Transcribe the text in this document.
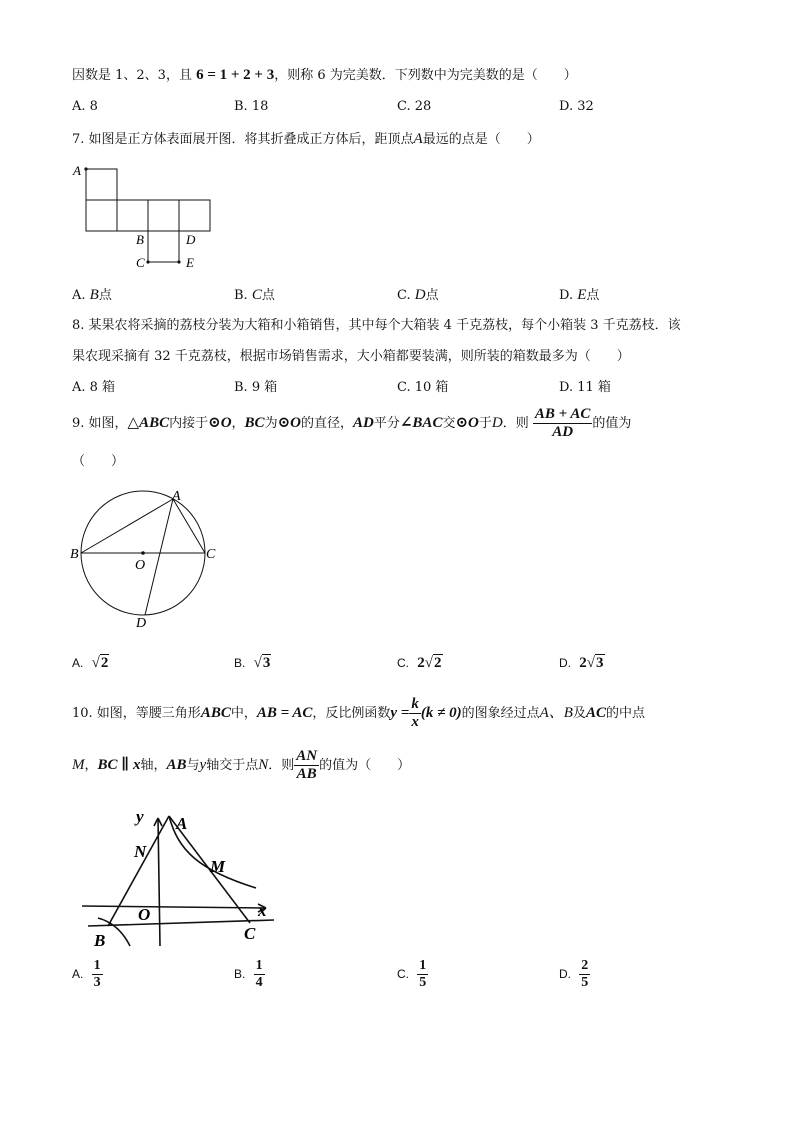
因数是 1、2、3，且 6 = 1 + 2 + 3，则称 6 为完美数．下列数中为完美数的是（　　）
A. 8	B. 18	C. 28	D. 32
7. 如图是正方体表面展开图．将其折叠成正方体后，距顶点A最远的点是（　　）
A
B	D
C	E
A. B点	B. C点	C. D点	D. E点
8. 某果农将采摘的荔枝分装为大箱和小箱销售，其中每个大箱装 4 千克荔枝，每个小箱装 3 千克荔枝．该
果农现采摘有 32 千克荔枝，根据市场销售需求，大小箱都要装满，则所装的箱数最多为（　　）
A. 8 箱	B. 9 箱	C. 10 箱	D. 11 箱
9. 如图，△ABC内接于⊙O，BC为⊙O的直径，AD平分∠BAC交⊙O于D．则 $\frac{AB + AC}{AD}$ 的值为
（　　）
A
B	C
O
D
A. √2	B. √3	C. 2√2	D. 2√3
10. 如图，等腰三角形ABC中，AB = AC，反比例函数$y = \frac{k}{x} (k \ne 0)$的图象经过点A、B及AC的中点
M，BC ∥ x轴，AB与y轴交于点N．则 $\frac{AN}{AB}$ 的值为（　　）
y A
N
M
O	x
B	C
A. $\frac{1}{3}$	B. $\frac{1}{4}$	C. $\frac{1}{5}$	D. $\frac{2}{5}$
